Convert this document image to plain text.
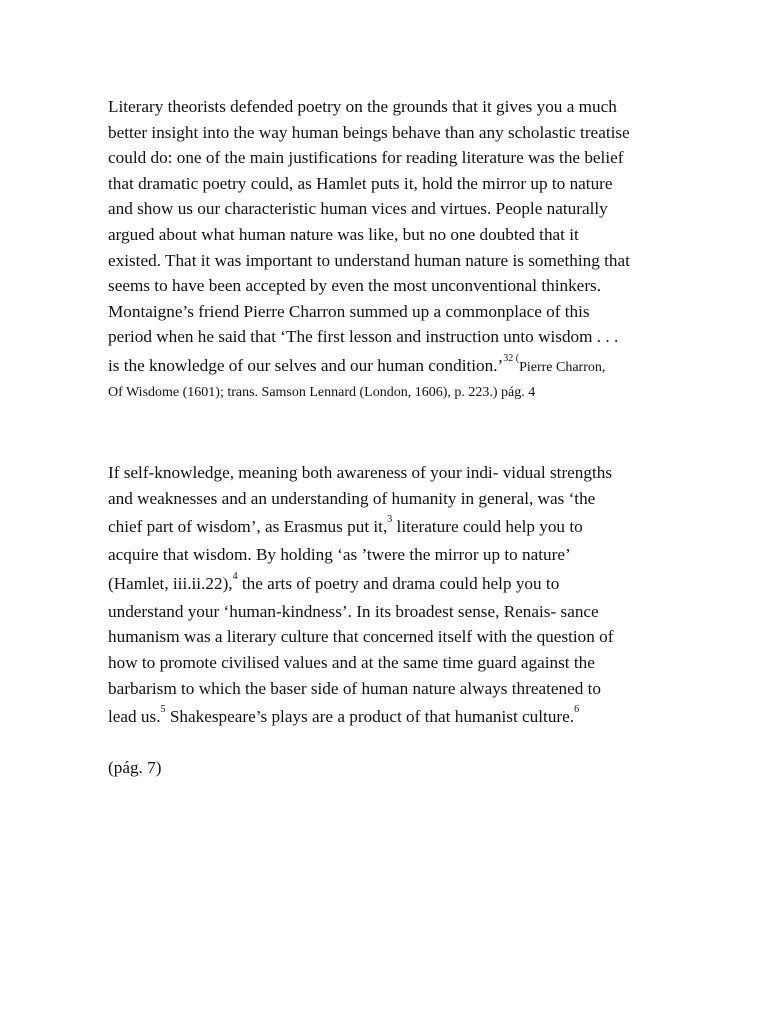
Literary theorists defended poetry on the grounds that it gives you a much
better insight into the way human beings behave than any scholastic treatise
could do: one of the main justifications for reading literature was the belief
that dramatic poetry could, as Hamlet puts it, hold the mirror up to nature
and show us our characteristic human vices and virtues. People naturally
argued about what human nature was like, but no one doubted that it
existed. That it was important to understand human nature is something that
seems to have been accepted by even the most unconventional thinkers.
Montaigne’s friend Pierre Charron summed up a commonplace of this
period when he said that ‘The first lesson and instruction unto wisdom . . .
is the knowledge of our selves and our human condition.’$^{32 (}$Pierre Charron,
Of Wisdome (1601); trans. Samson Lennard (London, 1606), p. 223.) pág. 4
If self-knowledge, meaning both awareness of your indi- vidual strengths
and weaknesses and an understanding of humanity in general, was ‘the
chief part of wisdom’, as Erasmus put it,$^3$ literature could help you to
acquire that wisdom. By holding ‘as ’twere the mirror up to nature’
(Hamlet, iii.ii.22),$^4$ the arts of poetry and drama could help you to
understand your ‘human-kindness’. In its broadest sense, Renais- sance
humanism was a literary culture that concerned itself with the question of
how to promote civilised values and at the same time guard against the
barbarism to which the baser side of human nature always threatened to
lead us.$^5$ Shakespeare’s plays are a product of that humanist culture.$^6$
(pág. 7)
